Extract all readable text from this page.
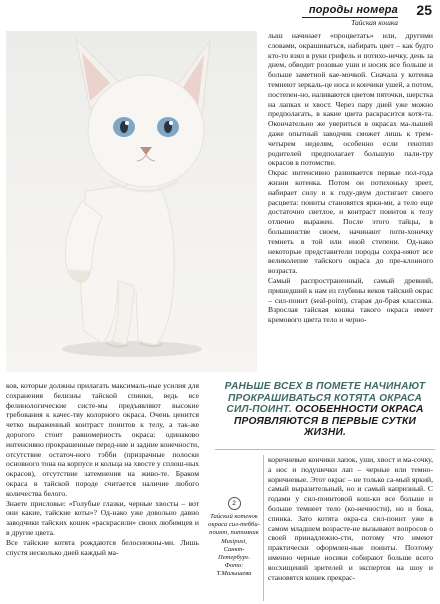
породы номера
Тайская кошка
25

лыш начинает «процветать» или, другими словами, окрашиваться, набирать цвет – как будто кто-то взял в руки грифель и потихо-нечку, день за днем, обводит розовые уши и носик все больше и больше заметной кае-мочкой. Сначала у котенка темнеют зеркаль-це носа и кончики ушей, а потом, постепен-но, наливаются цветом пяточки, шерстка на лапках и хвост. Через пару дней уже можно предполагать, в какие цвета раскрасится котя-та. Окончательно же увериться в окрасах ма-лышей даже опытный заводчик сможет лишь к трем-четырем неделям, особенно если генотип родителей предполагает большую пали-тру окрасов в потомстве.

Окрас интенсивно развивается первые пол-года жизни котенка. Потом он потихоньку зреет, набирает силу и к году-двум достигает своего расцвета: поинты становятся ярки-ми, а тело еще достаточно светлое, и контраст поинтов к телу отлично выражен. После этого тайцы, в большинстве своем, начинают поти-хонечку темнеть в той или иной степени. Од-нако некоторые представители породы сохра-няют все великолепие тайского окраса до пре-клонного возраста.

Самый распространенный, самый древний, пришедший к нам из глубины веков тайский окрас – сил-поинт (seal-point), старая до-брая классика. Взрослая тайская кошка такого окраса имеет кремового цвета тело и черно-

ков, которые должны прилагать максималь-ные усилия для сохранения белизны тайской спинки, ведь все фелинологические систе-мы предъявляют высокие требования к качес-тву колорного окраса. Очень ценится четко выраженный контраст поинтов к телу, а так-же дорогого стоит равномерность окраса: одинаково интенсивно прокрашенные перед-ние и задние конечности, отсутствие остаточ-ного тэбби (призрачные полоски основного тона на корпусе и кольца на хвосте у сплош-ных окрасов), отсутствие затемнения на живо-те. Браком окраса в тайской породе считается наличие любого количества белого.

Знаете присловье: «Голубые глазки, черные хвосты – вот они какие, тайские коты»? Од-нако уже довольно давно заводчики тайских кошек «раскрасили» своих любимцев и в другие цвета.

Все тайские котята рождаются белоснежны-ми. Лишь спустя несколько дней каждый ма-

РАНЬШЕ ВСЕХ В ПОМЕТЕ НАЧИНАЮТ ПРОКРАШИВАТЬСЯ КОТЯТА ОКРАСА СИЛ-ПОИНТ. ОСОБЕННОСТИ ОКРАСА ПРОЯВЛЯЮТСЯ В ПЕРВЫЕ СУТКИ ЖИЗНИ.
2
Тайский котенок
окраса сил-тебби-
поинт, питомник
Musipusi,
Санкт-Петербург.
Фото: Т.Малышева

коричневые кончики лапок, уши, хвост и ма-сочку, а нос и подушечки лап – черные или темно-коричневые. Этот окрас – не только са-мый яркий, самый выразительный, но и самый капризный. С годами у сил-поинтовой кош-ки все больше и больше темнеет тело (ко-нечности), но и бока, спинка. Зато котята окра-са сил-поинт уже в самом младшем возрасте-не вызывают вопросов о своей принадлежно-сти, потому что имеют практически оформлен-ные поинты. Поэтому именно черные носики собирают больше всего восхищений зрителей и экспертов на шоу и становятся кошек прекрас-
